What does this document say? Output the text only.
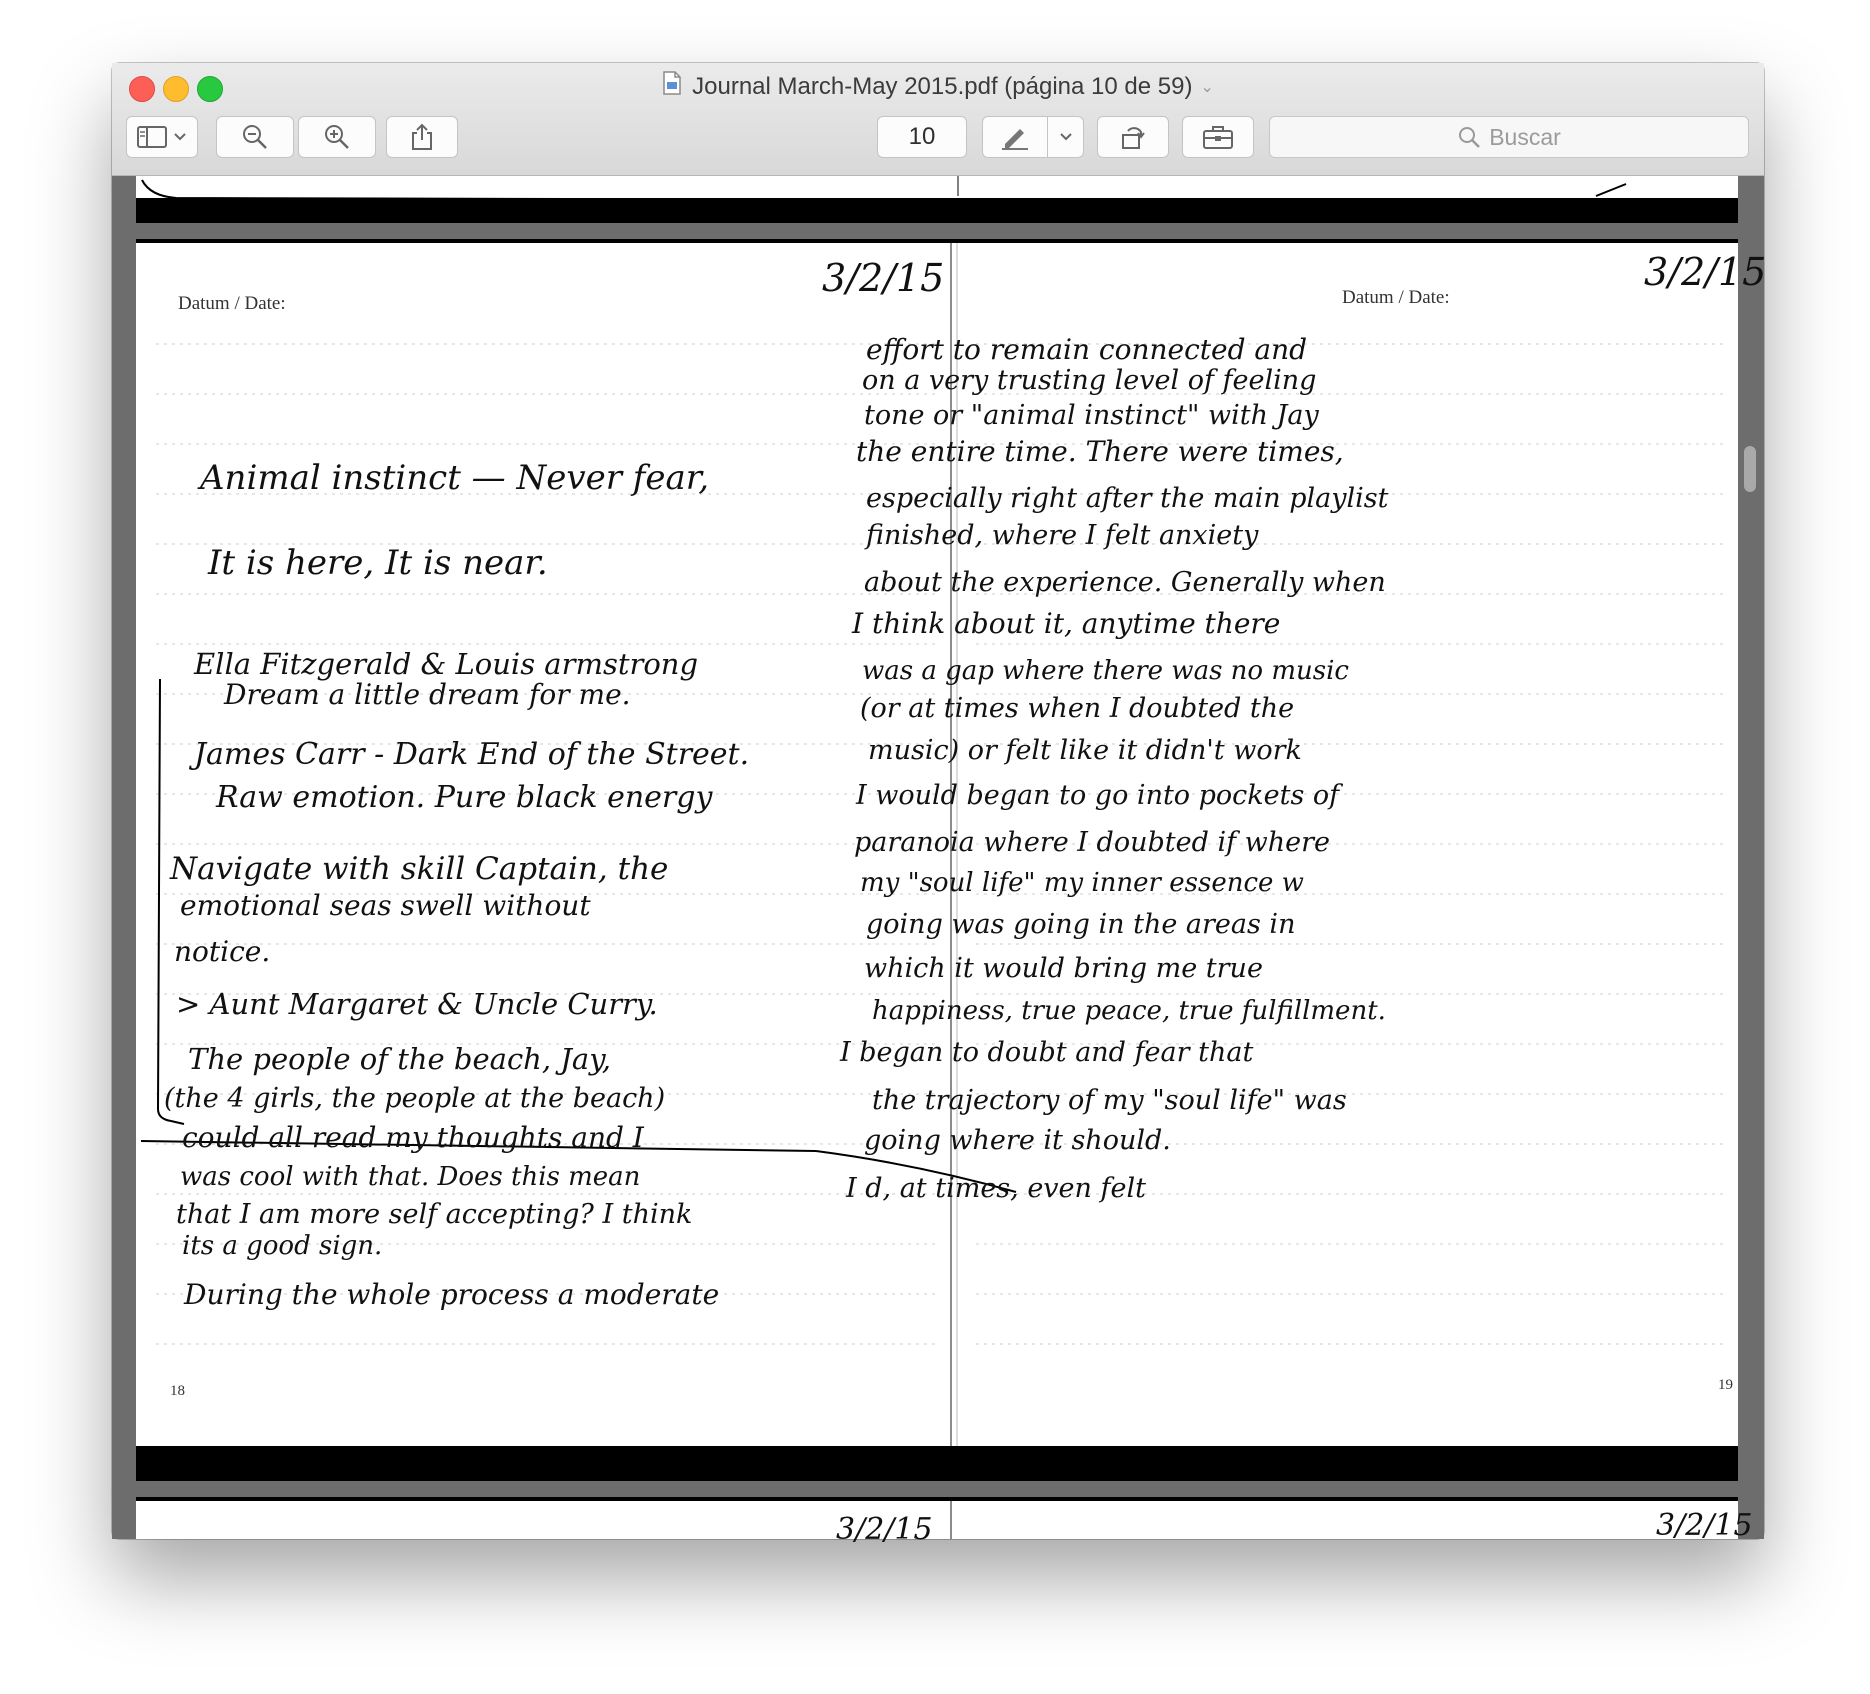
Journal March-May 2015.pdf (página 10 de 59) ⌄
10	Buscar
Datum / Date:
3/2/15	Datum / Date:
3/2/15
18	19
Animal instinct — Never fear,
It is here, It is near.
Ella Fitzgerald & Louis armstrong
Dream a little dream for me.
James Carr - Dark End of the Street.
Raw emotion. Pure black energy
Navigate with skill Captain, the
emotional seas swell without
notice.
> Aunt Margaret & Uncle Curry.
The people of the beach, Jay,
(the 4 girls, the people at the beach)
could all read my thoughts and I
was cool with that. Does this mean
that I am more self accepting? I think
its a good sign.
During the whole process a moderate
effort to remain connected and
on a very trusting level of feeling
tone or "animal instinct" with Jay
the entire time. There were times,
especially right after the main playlist
finished, where I felt anxiety
about the experience. Generally when
I think about it, anytime there
was a gap where there was no music
(or at times when I doubted the
music) or felt like it didn't work
I would began to go into pockets of
paranoia where I doubted if where
my "soul life" my inner essence w
going was going in the areas in
which it would bring me true
happiness, true peace, true fulfillment.
I began to doubt and fear that
the trajectory of my "soul life" was
going where it should.
I d, at times, even felt
3/2/15	3/2/15
